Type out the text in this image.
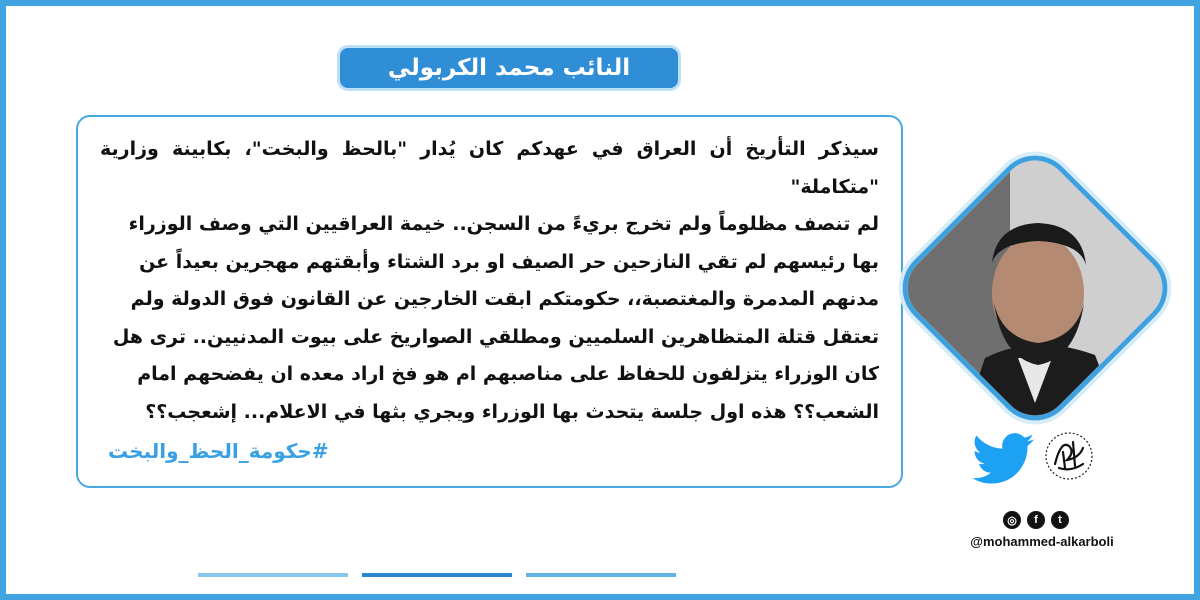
النائب محمد الكربولي

سيذكر التأريخ أن العراق في عهدكم كان يُدار "بالحظ والبخت"، بكابينة وزارية "متكاملة"
لم تنصف مظلوماً ولم تخرج بريءً من السجن.. خيمة العراقيين التي وصف الوزراء
بها رئيسهم لم تقي النازحين حر الصيف او برد الشتاء وأبقتهم مهجرين بعيداً عن
مدنهم المدمرة والمغتصبة،، حكومتكم ابقت الخارجين عن القانون فوق الدولة ولم
تعتقل قتلة المتظاهرين السلميين ومطلقي الصواريخ على بيوت المدنيين.. ترى هل
كان الوزراء يتزلفون للحفاظ على مناصبهم ام هو فخ اراد معده ان يفضحهم امام
الشعب؟؟ هذه اول جلسة يتحدث بها الوزراء ويجري بثها في الاعلام... إشعجب؟؟

#حكومة_الحظ_والبخت
◎	f	t
@mohammed-alkarboli
